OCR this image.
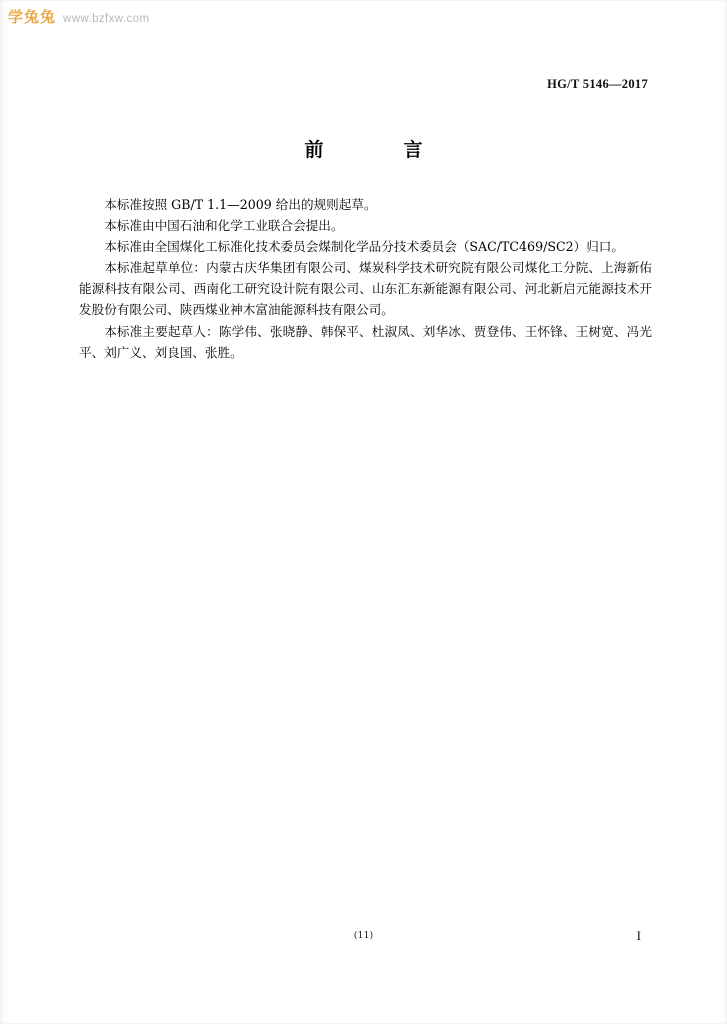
学兔兔 www.bzfxw.com
HG/T 5146—2017
前　　言

本标准按照 GB/T 1.1—2009 给出的规则起草。

本标准由中国石油和化学工业联合会提出。

本标准由全国煤化工标准化技术委员会煤制化学品分技术委员会（SAC/TC469/SC2）归口。

本标准起草单位：内蒙古庆华集团有限公司、煤炭科学技术研究院有限公司煤化工分院、上海新佑能源科技有限公司、西南化工研究设计院有限公司、山东汇东新能源有限公司、河北新启元能源技术开发股份有限公司、陕西煤业神木富油能源科技有限公司。

本标准主要起草人：陈学伟、张晓静、韩保平、杜淑凤、刘华冰、贾登伟、王怀锋、王树宽、冯光平、刘广义、刘良国、张胜。

(11)	I
